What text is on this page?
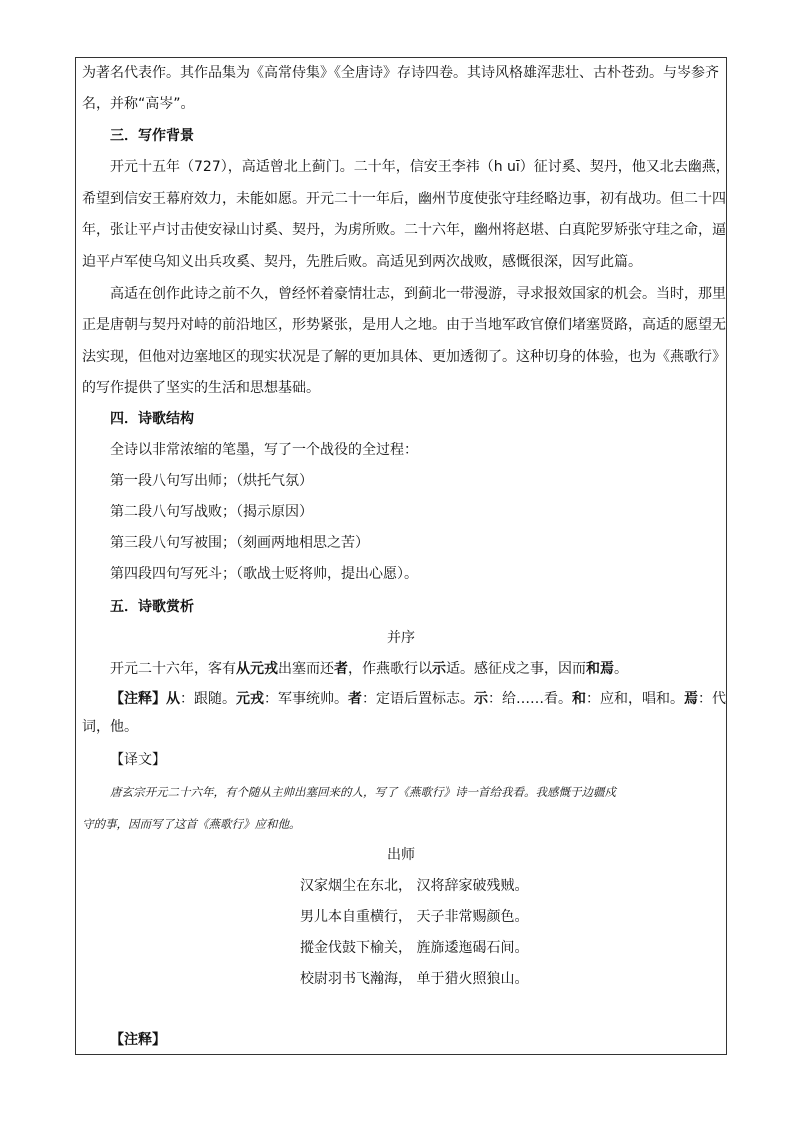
为著名代表作。其作品集为《高常侍集》《全唐诗》存诗四卷。其诗风格雄浑悲壮、古朴苍劲。与岑参齐
名，并称“高岑”。
三．写作背景
开元十五年（727），高适曾北上蓟门。二十年，信安王李祎（h uī）征讨奚、契丹，他又北去幽燕，
希望到信安王幕府效力，未能如愿。开元二十一年后，幽州节度使张守珪经略边事，初有战功。但二十四
年，张让平卢讨击使安禄山讨奚、契丹，为虏所败。二十六年，幽州将赵堪、白真陀罗矫张守珪之命，逼
迫平卢军使乌知义出兵攻奚、契丹，先胜后败。高适见到两次战败，感慨很深，因写此篇。
高适在创作此诗之前不久，曾经怀着豪情壮志，到蓟北一带漫游，寻求报效国家的机会。当时，那里
正是唐朝与契丹对峙的前沿地区，形势紧张，是用人之地。由于当地军政官僚们堵塞贤路，高适的愿望无
法实现，但他对边塞地区的现实状况是了解的更加具体、更加透彻了。这种切身的体验，也为《燕歌行》
的写作提供了坚实的生活和思想基础。
四．诗歌结构
全诗以非常浓缩的笔墨，写了一个战役的全过程：
第一段八句写出师；（烘托气氛）
第二段八句写战败；（揭示原因）
第三段八句写被围；（刻画两地相思之苦）
第四段四句写死斗；（歌战士贬将帅，提出心愿）。
五．诗歌赏析
并序
开元二十六年，客有从元戎出塞而还者，作燕歌行以示适。感征戍之事，因而和焉。
【注释】从：跟随。元戎：军事统帅。者：定语后置标志。示：给……看。和：应和，唱和。焉：代
词，他。
【译文】
唐玄宗开元二十六年，有个随从主帅出塞回来的人，写了《燕歌行》诗一首给我看。我感慨于边疆戍
守的事，因而写了这首《燕歌行》应和他。
出师
汉家烟尘在东北， 汉将辞家破残贼。
男儿本自重横行， 天子非常赐颜色。
摐金伐鼓下榆关， 旌旆逶迤碣石间。
校尉羽书飞瀚海， 单于猎火照狼山。
【注释】
